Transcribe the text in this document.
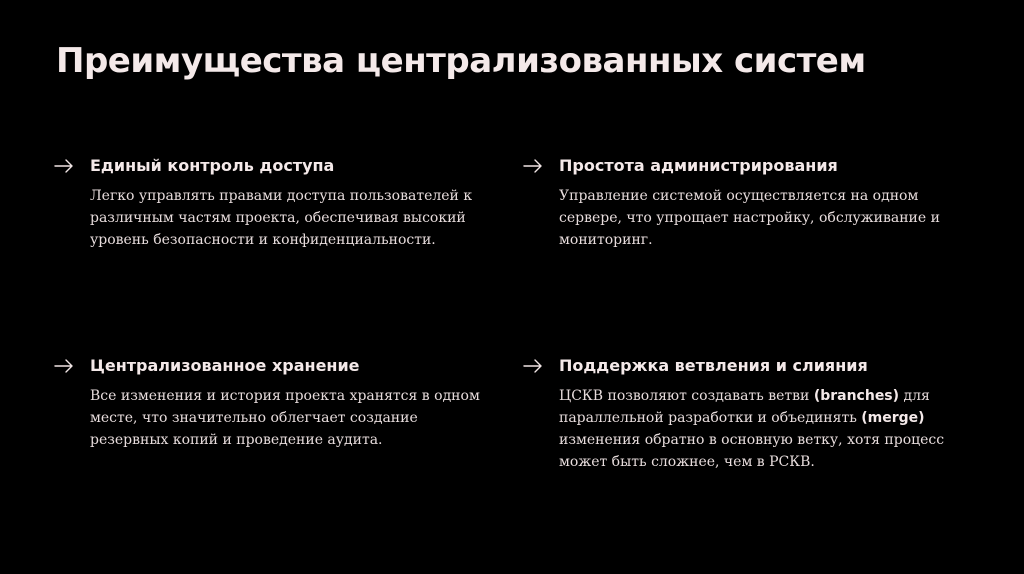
Преимущества централизованных систем
Единый контроль доступа
Легко управлять правами доступа пользователей к различным частям проекта, обеспечивая высокий уровень безопасности и конфиденциальности.
Простота администрирования
Управление системой осуществляется на одном сервере, что упрощает настройку, обслуживание и мониторинг.
Централизованное хранение
Все изменения и история проекта хранятся в одном месте, что значительно облегчает создание резервных копий и проведение аудита.
Поддержка ветвления и слияния
ЦСКВ позволяют создавать ветви (branches) для параллельной разработки и объединять (merge) изменения обратно в основную ветку, хотя процесс может быть сложнее, чем в РСКВ.
